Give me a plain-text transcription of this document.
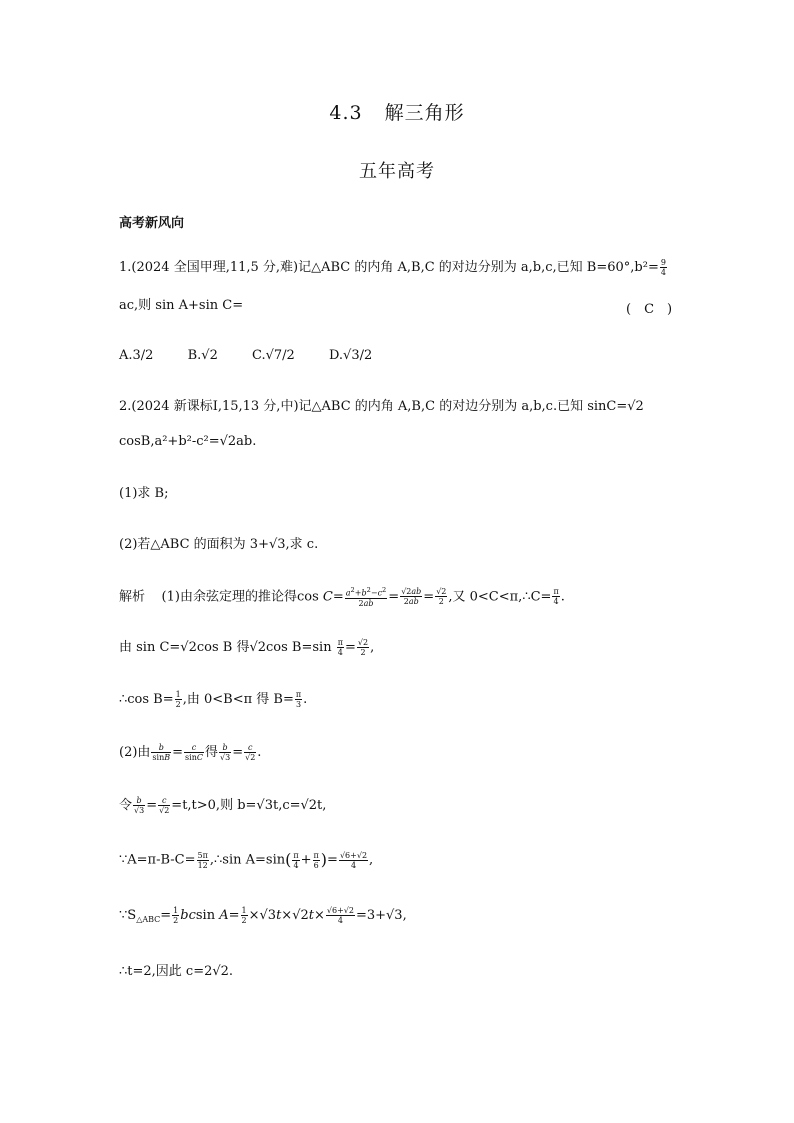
4.3 解三角形
五年高考
高考新风向
1.(2024 全国甲理,11,5 分,难)记△ABC 的内角 A,B,C 的对边分别为 a,b,c,已知 $B=60^\circ,b^2= \frac{9}{4}$
ac,则 sin A+sin C=	(　C　)
A.3/2	B.√2	C.√7/2	D.√3/2
2.(2024 新课标Ⅰ,15,13 分,中)记△ABC 的内角 A,B,C 的对边分别为 a,b,c.已知 sinC=√2
cosB,a²+b²-c²=√2ab.
(1)求 B;
(2)若△ABC 的面积为 3+√3,求 c.
解析 (1)由余弦定理的推论得$\cos C= \frac{a^2+b^2-c^2}{2ab} = \frac{√2ab}{2ab} = \frac{√2}{2}$ ,又 0<C<π,∴C= $\frac{\pi}{4}$ .
由 sin C=√2cos B 得√2cos $B=\sin \frac{\pi}{4} = \frac{√2}{2}$ ,
∴cos $B= \frac{1}{2}$ ,由 0<B<π 得 $B= \frac{\pi}{3}$ .
(2)由 $\frac{b}{\sin B} = \frac{c}{\sin C}$ 得 $\frac{b}{√3} = \frac{c}{√2}$ .
令 $\frac{b}{√3} = \frac{c}{√2} =t,t>0$,则 b=√3t,c=√2t,
∵A=π-B-C= $\frac{5\pi}{12}$ ,∴sin $A=\sin( \frac{\pi}{4} + \frac{\pi}{6}$ )= $\frac{√6+√2}{4}$ ,
$\because S_{\triangle ABC}= \frac{1}{2}$ bcsin $A= \frac{1}{2} \times√3t\times√2t\times \frac{√6+√2}{4} =3+√3$,
∴t=2,因此 c=2√2.
